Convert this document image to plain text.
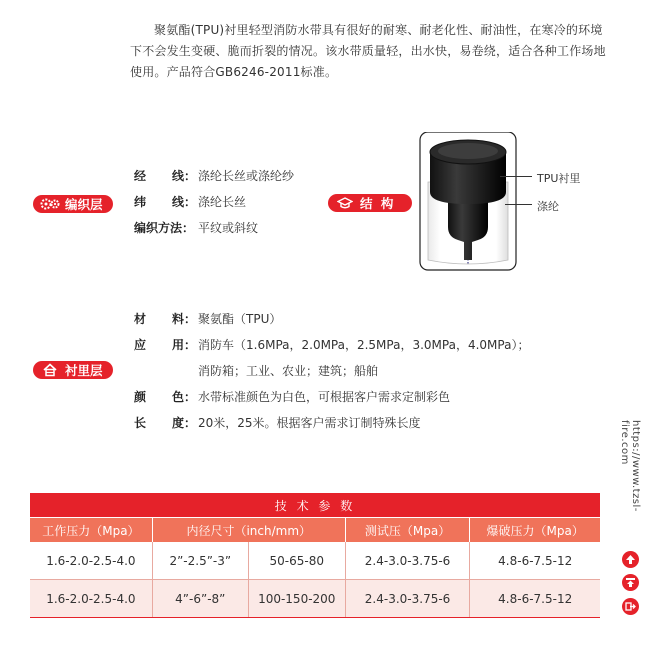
聚氨酯(TPU)衬里轻型消防水带具有很好的耐寒、耐老化性、耐油性，在寒冷的环境下不会发生变硬、脆而折裂的情况。该水带质量轻，出水快，易卷绕，适合各种工作场地使用。产品符合GB6246-2011标准。
编织层
经 线： 涤纶长丝或涤纶纱
纬 线： 涤纶长丝
编织方法 ： 平纹或斜纹
结 构
TPU衬里
涤纶
衬里层
材 料： 聚氨酯（TPU）
应 用： 消防车（1.6MPa，2.0MPa，2.5MPa，3.0MPa，4.0MPa）；
消防箱；工业、农业；建筑；船舶
颜 色： 水带标准颜色为白色，可根据客户需求定制彩色
长 度： 20米，25米。根据客户需求订制特殊长度
技 术 参 数				
工作压力（Mpa）	内径尺寸（inch/mm）		测试压（Mpa）	爆破压力（Mpa）
1.6-2.0-2.5-4.0	2”-2.5”-3”	50-65-80	2.4-3.0-3.75-6	4.8-6-7.5-12
1.6-2.0-2.5-4.0	4”-6”-8”	100-150-200	2.4-3.0-3.75-6	4.8-6-7.5-12
https://www.tzsl-fire.com
